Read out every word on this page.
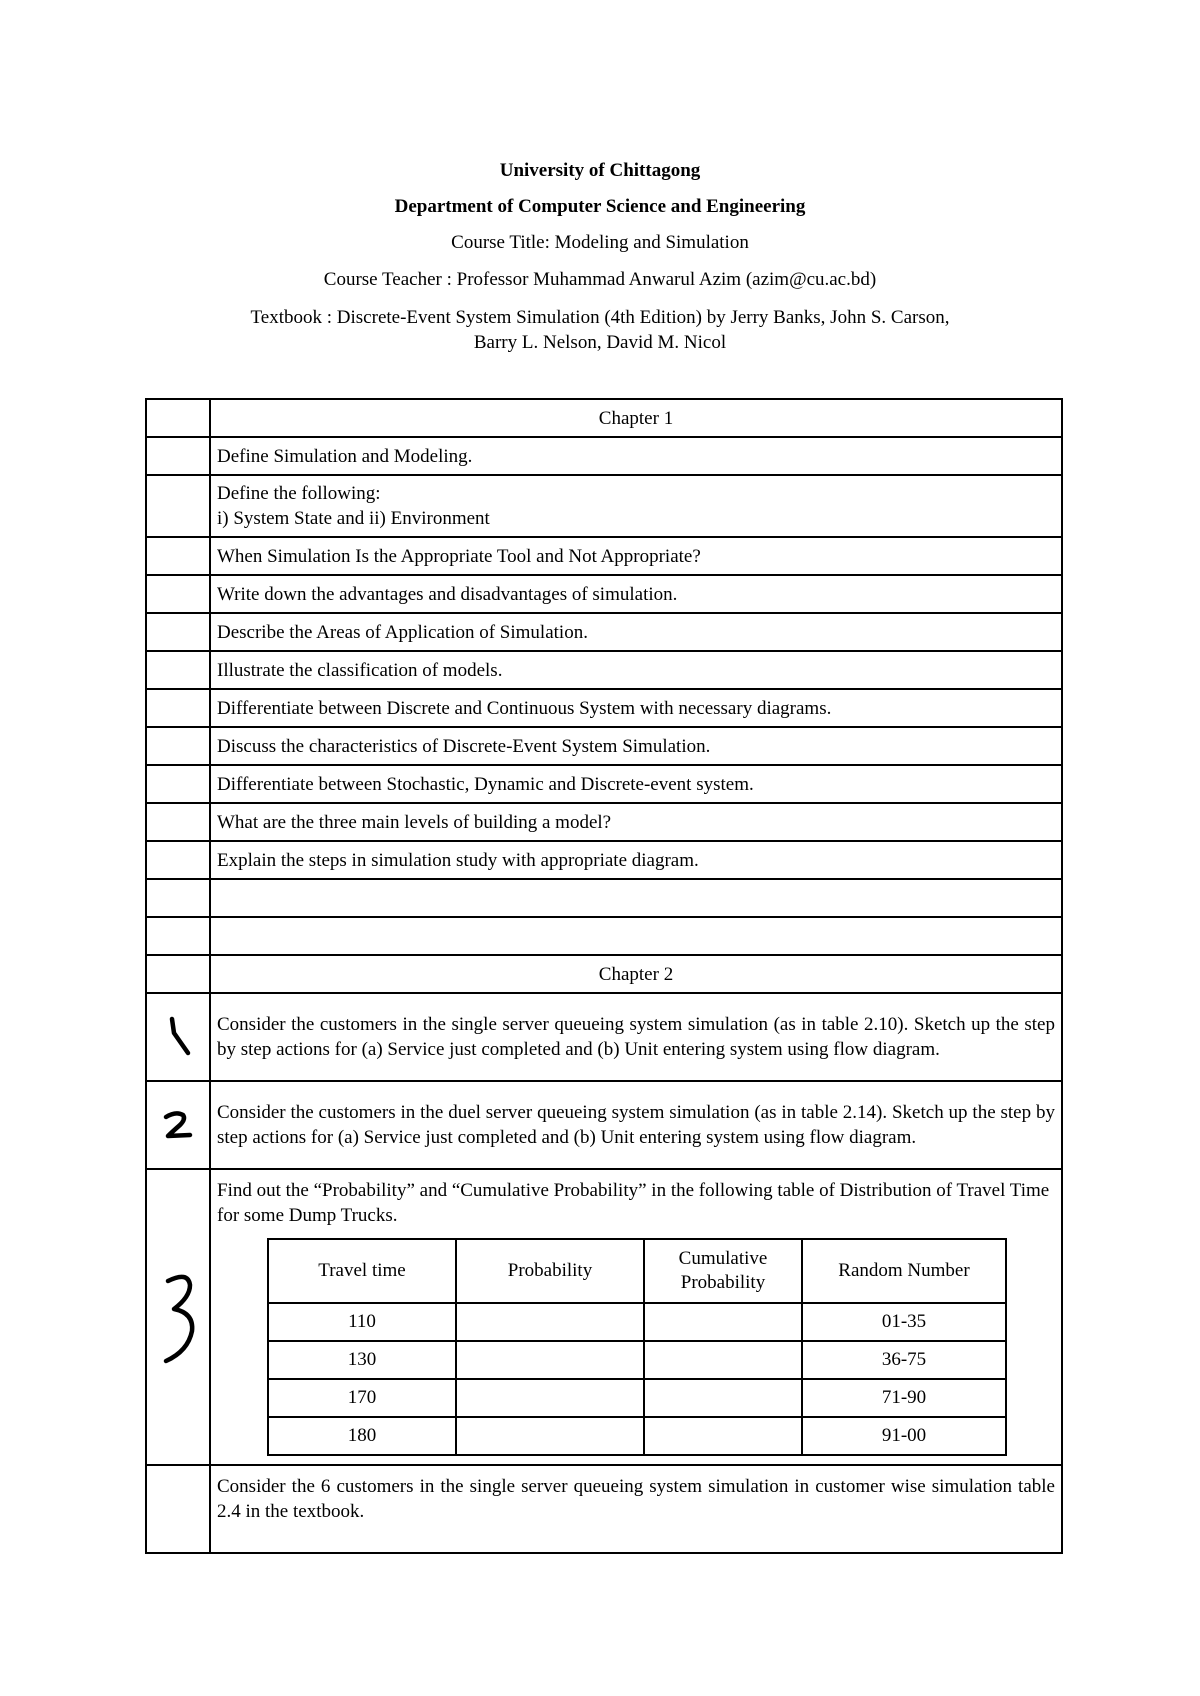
University of Chittagong
Department of Computer Science and Engineering
Course Title: Modeling and Simulation
Course Teacher : Professor Muhammad Anwarul Azim (azim@cu.ac.bd)
Textbook : Discrete-Event System Simulation (4th Edition) by Jerry Banks, John S. Carson,
Barry L. Nelson, David M. Nicol
	Chapter 1
	Define Simulation and Modeling.

Define the following:
i) System State and ii) Environment

	When Simulation Is the Appropriate Tool and Not Appropriate?
	Write down the advantages and disadvantages of simulation.
	Describe the Areas of Application of Simulation.
	Illustrate the classification of models.
	Differentiate between Discrete and Continuous System with necessary diagrams.
	Discuss the characteristics of Discrete-Event System Simulation.
	Differentiate between Stochastic, Dynamic and Discrete-event system.
	What are the three main levels of building a model?
	Explain the steps in simulation study with appropriate diagram.

	Chapter 2

	Consider the customers in the single server queueing system simulation (as in table 2.10). Sketch up the step by step actions for (a) Service just completed and (b) Unit entering system using flow diagram.

	Consider the customers in the duel server queueing system simulation (as in table 2.14). Sketch up the step by step actions for (a) Service just completed and (b) Unit entering system using flow diagram.

Find out the “Probability” and “Cumulative Probability” in the following table of Distribution of Travel Time for some Dump Trucks.
Travel time	Probability	Cumulative Probability	Random Number
110			01-35
130			36-75
170			71-90
180			91-00

	Consider the 6 customers in the single server queueing system simulation in customer wise simulation table 2.4 in the textbook.
